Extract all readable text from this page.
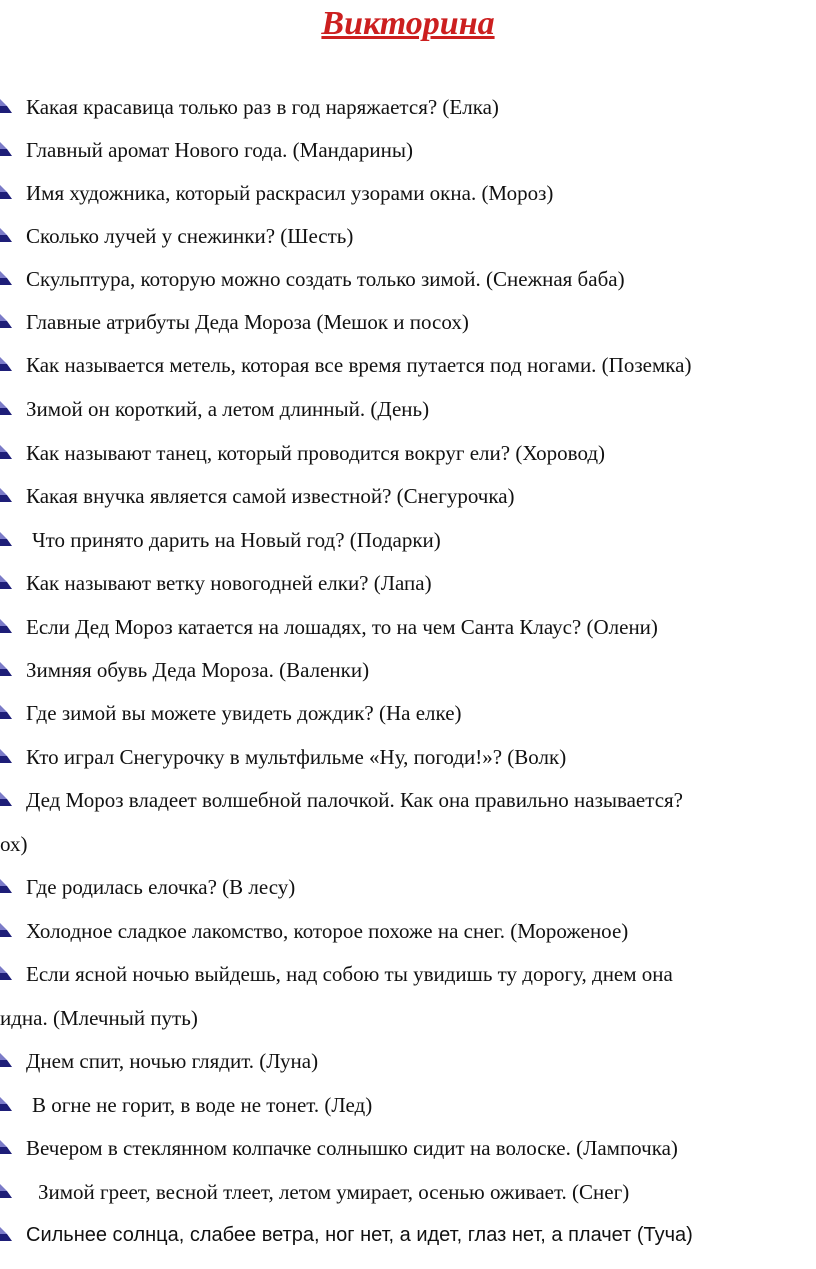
Викторина
Какая красавица только раз в год наряжается? (Елка)
Главный аромат Нового года. (Мандарины)
Имя художника, который раскрасил узорами окна. (Мороз)
Сколько лучей у снежинки? (Шесть)
Скульптура, которую можно создать только зимой. (Снежная баба)
Главные атрибуты Деда Мороза (Мешок и посох)
Как называется метель, которая все время путается под ногами. (Поземка)
Зимой он короткий, а летом длинный. (День)
Как называют танец, который проводится вокруг ели? (Хоровод)
Какая внучка является самой известной? (Снегурочка)
Что принято дарить на Новый год? (Подарки)
Как называют ветку новогодней елки? (Лапа)
Если Дед Мороз катается на лошадях, то на чем Санта Клаус? (Олени)
Зимняя обувь Деда Мороза. (Валенки)
Где зимой вы можете увидеть дождик? (На елке)
Кто играл Снегурочку в мультфильме «Ну, погоди!»? (Волк)
Дед Мороз владеет волшебной палочкой. Как она правильно называется?
ох)
Где родилась елочка? (В лесу)
Холодное сладкое лакомство, которое похоже на снег. (Мороженое)
Если ясной ночью выйдешь, над собою ты увидишь ту дорогу, днем она
идна. (Млечный путь)
Днем спит, ночью глядит. (Луна)
В огне не горит, в воде не тонет. (Лед)
Вечером в стеклянном колпачке солнышко сидит на волоске. (Лампочка)
Зимой греет, весной тлеет, летом умирает, осенью оживает. (Снег)
Сильнее солнца, слабее ветра, ног нет, а идет, глаз нет, а плачет (Туча)
